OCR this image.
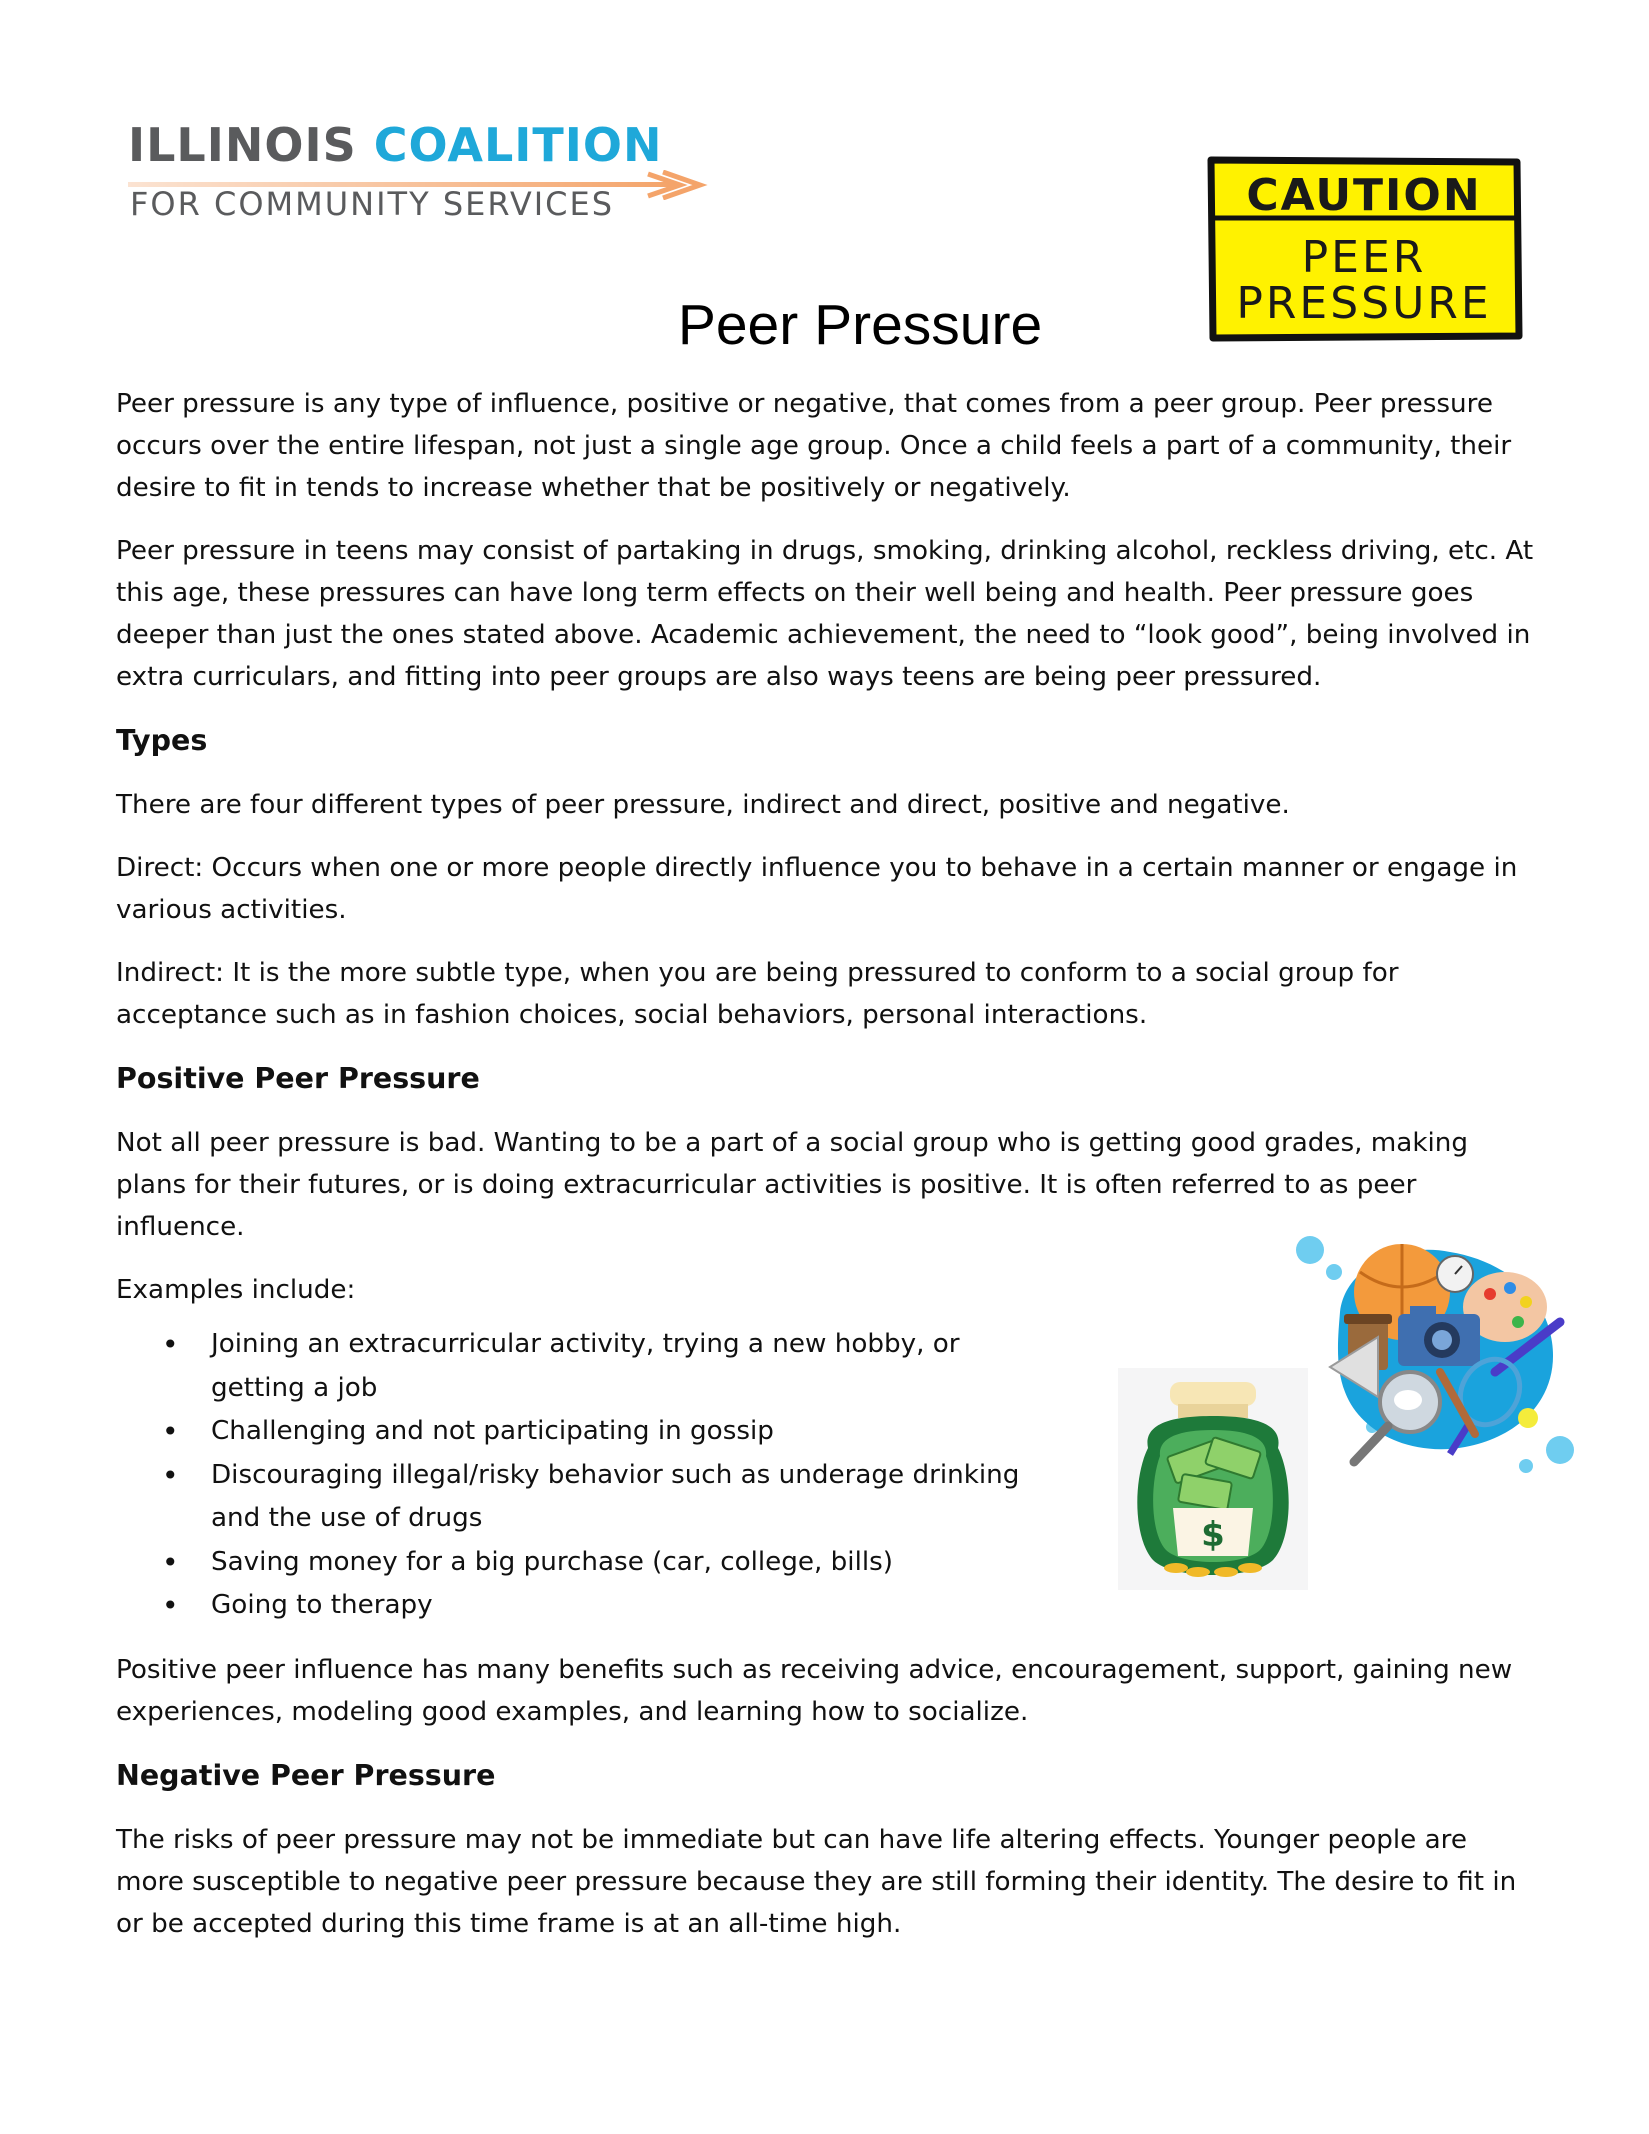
ILLINOIS COALITION
FOR COMMUNITY SERVICES	CAUTION
PEER
PRESSURE
Peer Pressure

Peer pressure is any type of influence, positive or negative, that comes from a peer group. Peer pressure occurs over the entire lifespan, not just a single age group. Once a child feels a part of a community, their desire to fit in tends to increase whether that be positively or negatively.

Peer pressure in teens may consist of partaking in drugs, smoking, drinking alcohol, reckless driving, etc. At this age, these pressures can have long term effects on their well being and health. Peer pressure goes deeper than just the ones stated above. Academic achievement, the need to “look good”, being involved in extra curriculars, and fitting into peer groups are also ways teens are being peer pressured.

Types

There are four different types of peer pressure, indirect and direct, positive and negative.

Direct: Occurs when one or more people directly influence you to behave in a certain manner or engage in various activities.

Indirect: It is the more subtle type, when you are being pressured to conform to a social group for acceptance such as in fashion choices, social behaviors, personal interactions.

Positive Peer Pressure

Not all peer pressure is bad. Wanting to be a part of a social group who is getting good grades, making plans for their futures, or is doing extracurricular activities is positive. It is often referred to as peer influence.

Examples include:

• Joining an extracurricular activity, trying a new hobby, or getting a job
• Challenging and not participating in gossip
• Discouraging illegal/risky behavior such as underage drinking and the use of drugs
• Saving money for a big purchase (car, college, bills)
• Going to therapy

Positive peer influence has many benefits such as receiving advice, encouragement, support, gaining new experiences, modeling good examples, and learning how to socialize.

Negative Peer Pressure

The risks of peer pressure may not be immediate but can have life altering effects. Younger people are more susceptible to negative peer pressure because they are still forming their identity. The desire to fit in or be accepted during this time frame is at an all-time high.

$
